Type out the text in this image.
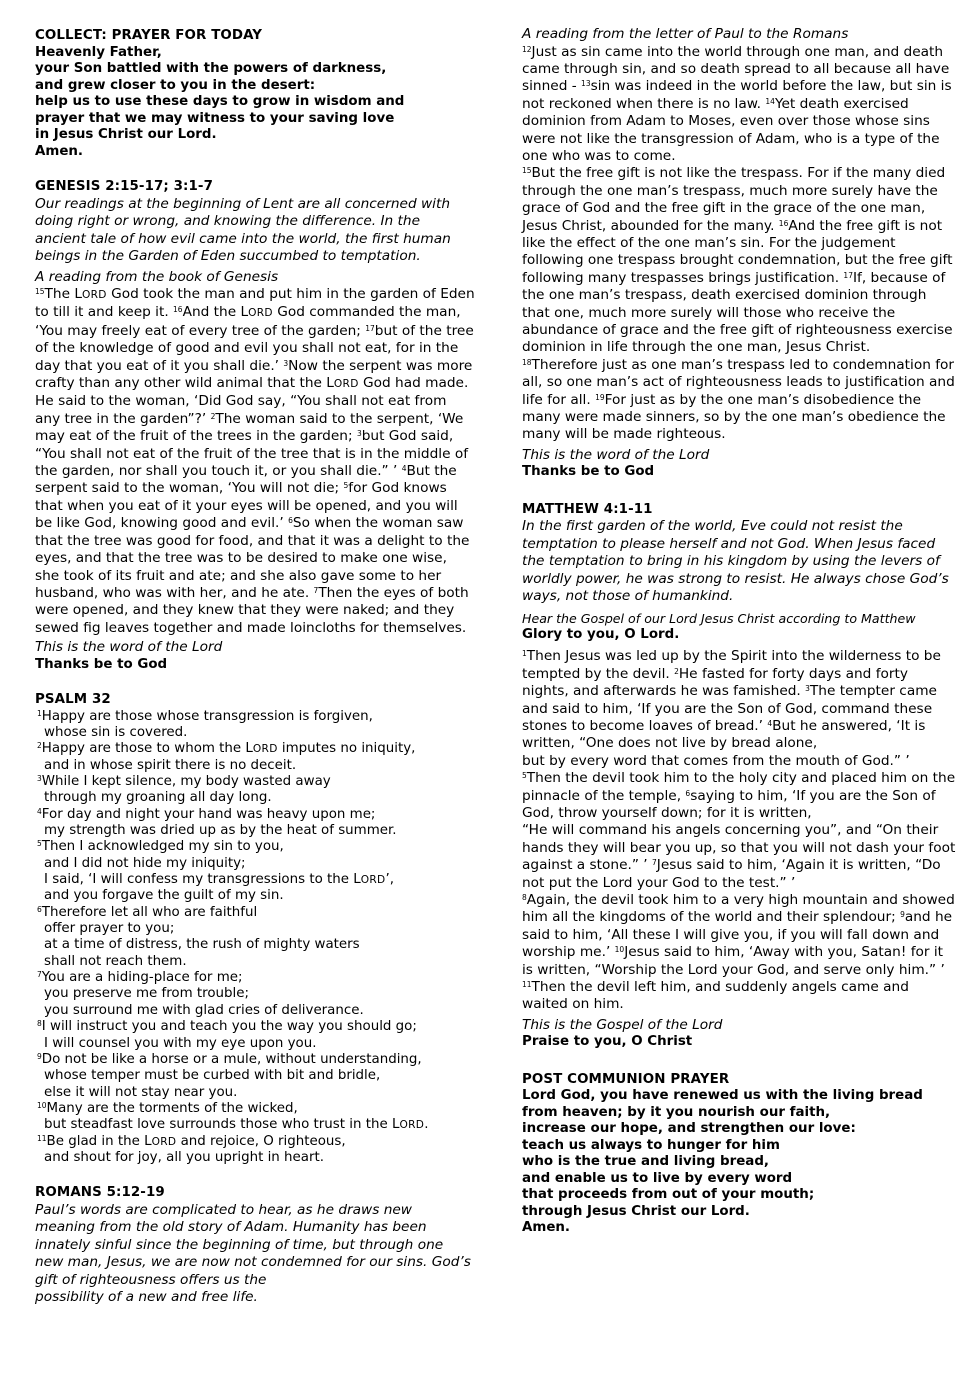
COLLECT: PRAYER FOR TODAY
Heavenly Father,
your Son battled with the powers of darkness,
and grew closer to you in the desert:
help us to use these days to grow in wisdom and
prayer that we may witness to your saving love
in Jesus Christ our Lord.
Amen.
GENESIS 2:15-17; 3:1-7

Our readings at the beginning of Lent are all concerned with doing right or wrong, and knowing the difference. In the ancient tale of how evil came into the world, the first human beings in the Garden of Eden succumbed to temptation.

A reading from the book of Genesis

$^{15}$The LORD God took the man and put him in the garden of Eden to till it and keep it. $^{16}$And the LORD God commanded the man, ‘You may freely eat of every tree of the garden; $^{17}$but of the tree of the knowledge of good and evil you shall not eat, for in the day that you eat of it you shall die.’ $^3$Now the serpent was more crafty than any other wild animal that the LORD God had made. He said to the woman, ‘Did God say, “You shall not eat from any tree in the garden”?’ $^2$The woman said to the serpent, ‘We may eat of the fruit of the trees in the garden; $^3$but God said, “You shall not eat of the fruit of the tree that is in the middle of the garden, nor shall you touch it, or you shall die.” ’ $^4$But the serpent said to the woman, ‘You will not die; $^5$for God knows that when you eat of it your eyes will be opened, and you will be like God, knowing good and evil.’ $^6$So when the woman saw that the tree was good for food, and that it was a delight to the eyes, and that the tree was to be desired to make one wise, she took of its fruit and ate; and she also gave some to her husband, who was with her, and he ate. $^7$Then the eyes of both were opened, and they knew that they were naked; and they sewed fig leaves together and made loincloths for themselves.

This is the word of the Lord

Thanks be to God
PSALM 32
$^1$Happy are those whose transgression is forgiven,
whose sin is covered.
$^2$Happy are those to whom the LORD imputes no iniquity,
and in whose spirit there is no deceit.
$^3$While I kept silence, my body wasted away
through my groaning all day long.
$^4$For day and night your hand was heavy upon me;
my strength was dried up as by the heat of summer.
$^5$Then I acknowledged my sin to you,
and I did not hide my iniquity;
I said, ‘I will confess my transgressions to the LORD’,
and you forgave the guilt of my sin.
$^6$Therefore let all who are faithful
offer prayer to you;
at a time of distress, the rush of mighty waters
shall not reach them.
$^7$You are a hiding-place for me;
you preserve me from trouble;
you surround me with glad cries of deliverance.
$^8$I will instruct you and teach you the way you should go;
I will counsel you with my eye upon you.
$^9$Do not be like a horse or a mule, without understanding,
whose temper must be curbed with bit and bridle,
else it will not stay near you.
$^{10}$Many are the torments of the wicked,
but steadfast love surrounds those who trust in the LORD.
$^{11}$Be glad in the LORD and rejoice, O righteous,
and shout for joy, all you upright in heart.
ROMANS 5:12-19

Paul’s words are complicated to hear, as he draws new meaning from the old story of Adam. Humanity has been innately sinful since the beginning of time, but through one new man, Jesus, we are now not condemned for our sins. God’s gift of righteousness offers us the

possibility of a new and free life.

A reading from the letter of Paul to the Romans

$^{12}$Just as sin came into the world through one man, and death came through sin, and so death spread to all because all have sinned - $^{13}$sin was indeed in the world before the law, but sin is not reckoned when there is no law. $^{14}$Yet death exercised dominion from Adam to Moses, even over those whose sins were not like the transgression of Adam, who is a type of the one who was to come.

$^{15}$But the free gift is not like the trespass. For if the many died through the one man’s trespass, much more surely have the grace of God and the free gift in the grace of the one man, Jesus Christ, abounded for the many. $^{16}$And the free gift is not like the effect of the one man’s sin. For the judgement following one trespass brought condemnation, but the free gift following many trespasses brings justification. $^{17}$If, because of the one man’s trespass, death exercised dominion through that one, much more surely will those who receive the abundance of grace and the free gift of righteousness exercise dominion in life through the one man, Jesus Christ.

$^{18}$Therefore just as one man’s trespass led to condemnation for all, so one man’s act of righteousness leads to justification and life for all. $^{19}$For just as by the one man’s disobedience the many were made sinners, so by the one man’s obedience the many will be made righteous.

This is the word of the Lord

Thanks be to God
MATTHEW 4:1-11

In the first garden of the world, Eve could not resist the temptation to please herself and not God. When Jesus faced the temptation to bring in his kingdom by using the levers of worldly power, he was strong to resist. He always chose God’s ways, not those of humankind.

Hear the Gospel of our Lord Jesus Christ according to Matthew

Glory to you, O Lord.

$^1$Then Jesus was led up by the Spirit into the wilderness to be tempted by the devil. $^2$He fasted for forty days and forty nights, and afterwards he was famished. $^3$The tempter came and said to him, ‘If you are the Son of God, command these stones to become loaves of bread.’ $^4$But he answered, ‘It is written, “One does not live by bread alone,

but by every word that comes from the mouth of God.” ’

$^5$Then the devil took him to the holy city and placed him on the pinnacle of the temple, $^6$saying to him, ‘If you are the Son of God, throw yourself down; for it is written,

“He will command his angels concerning you”, and “On their hands they will bear you up, so that you will not dash your foot against a stone.” ’ $^7$Jesus said to him, ‘Again it is written, “Do not put the Lord your God to the test.” ’

$^8$Again, the devil took him to a very high mountain and showed him all the kingdoms of the world and their splendour; $^9$and he said to him, ‘All these I will give you, if you will fall down and worship me.’ $^{10}$Jesus said to him, ‘Away with you, Satan! for it is written, “Worship the Lord your God, and serve only him.” ’ $^{11}$Then the devil left him, and suddenly angels came and waited on him.

This is the Gospel of the Lord

Praise to you, O Christ
POST COMMUNION PRAYER
Lord God, you have renewed us with the living bread
from heaven; by it you nourish our faith,
increase our hope, and strengthen our love:
teach us always to hunger for him
who is the true and living bread,
and enable us to live by every word
that proceeds from out of your mouth;
through Jesus Christ our Lord.
Amen.
